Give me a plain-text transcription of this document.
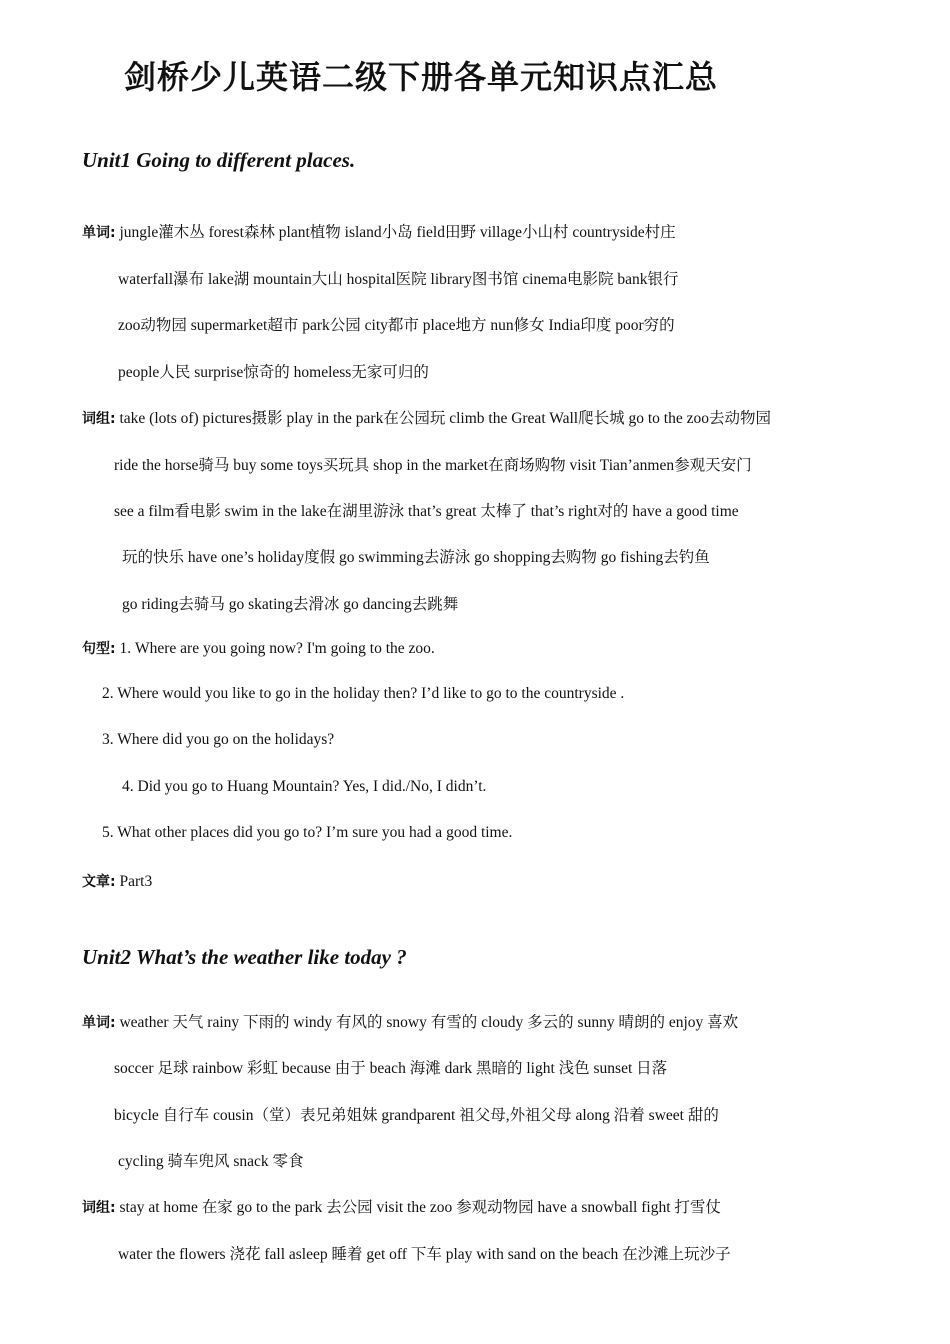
剑桥少儿英语二级下册各单元知识点汇总
Unit1 Going to different places.
单词: jungle灌木丛 forest森林 plant植物 island小岛 field田野 village小山村 countryside村庄
waterfall瀑布 lake湖 mountain大山 hospital医院 library图书馆 cinema电影院 bank银行
zoo动物园 supermarket超市 park公园 city都市 place地方 nun修女 India印度 poor穷的
people人民 surprise惊奇的 homeless无家可归的
词组: take (lots of) pictures摄影 play in the park在公园玩 climb the Great Wall爬长城 go to the zoo去动物园
ride the horse骑马 buy some toys买玩具 shop in the market在商场购物 visit Tian’anmen参观天安门
see a film看电影 swim in the lake在湖里游泳 that’s great 太棒了 that’s right对的 have a good time
玩的快乐 have one’s holiday度假 go swimming去游泳 go shopping去购物 go fishing去钓鱼
go riding去骑马 go skating去滑冰 go dancing去跳舞
句型: 1. Where are you going now? I'm going to the zoo.
2. Where would you like to go in the holiday then? I’d like to go to the countryside .
3. Where did you go on the holidays?
4. Did you go to Huang Mountain? Yes, I did./No, I didn’t.
5. What other places did you go to? I’m sure you had a good time.
文章: Part3
Unit2 What’s the weather like today ?
单词: weather 天气 rainy 下雨的 windy 有风的 snowy 有雪的 cloudy 多云的 sunny 晴朗的 enjoy 喜欢
soccer 足球 rainbow 彩虹 because 由于 beach 海滩 dark 黑暗的 light 浅色 sunset 日落
bicycle 自行车 cousin（堂）表兄弟姐妹 grandparent 祖父母,外祖父母 along 沿着 sweet 甜的
cycling 骑车兜风 snack 零食
词组: stay at home 在家 go to the park 去公园 visit the zoo 参观动物园 have a snowball fight 打雪仗
water the flowers 浇花 fall asleep 睡着 get off 下车 play with sand on the beach 在沙滩上玩沙子
